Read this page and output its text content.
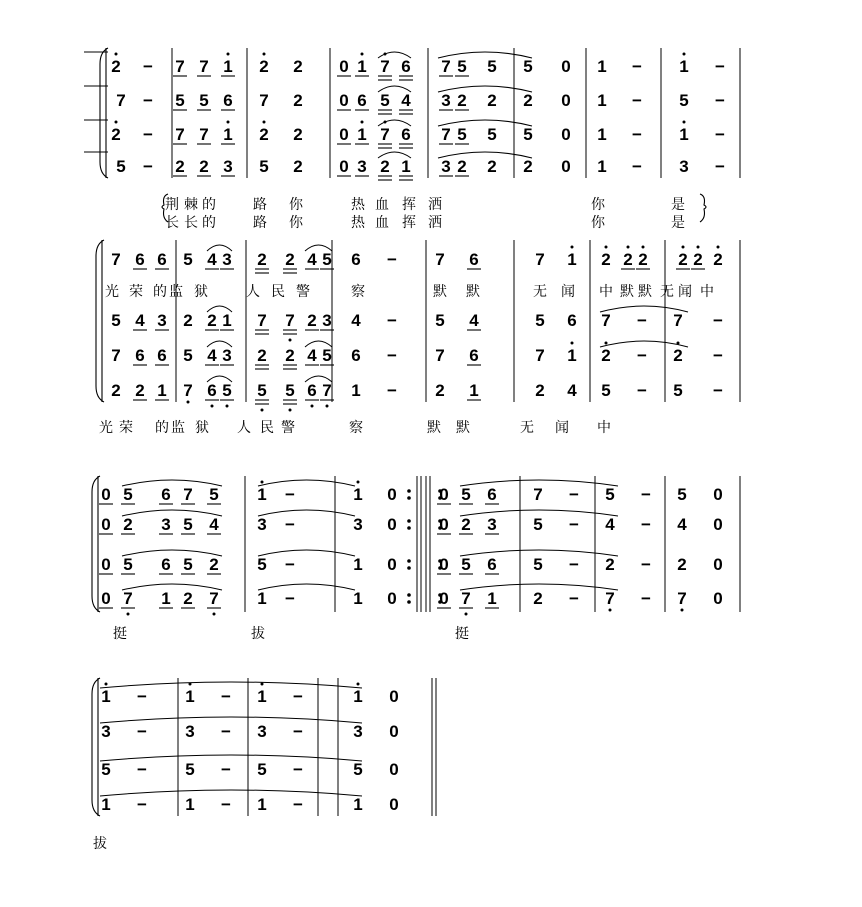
2 − 7 7 1 2 2 0 1 7 6 7 5 5 5 0 1 − 1 −
7 − 5 5 6 7 2 0 6 5 4 3 2 2 2 0 1 − 5 −
2 − 7 7 1 2 2 0 1 7 6 7 5 5 5 0 1 − 1 −
5 − 2 2 3 5 2 0 3 2 1 3 2 2 2 0 1 − 3 −
7 6 6 5 4 3 2 2 4 5 6 − 7 6	7 1 2 2 2 2 2 2
5 4 3 2 2 1 7 7 2 3 4 − 5 4	5 6 7 − 7 −
7 6 6 5 4 3 2 2 4 5 6 − 7 6	7 1 2 − 2 −
2 2 1 7 6 5 5 5 6 7 1 − 2 1	2 4 5 − 5 −
0 5 6 7 5 1 −	1 0	0 5 6 7 − 5 − 5 0
0 2 3 5 4 3 −	3 0	0 2 3 5 − 4 − 4 0
0 5 6 5 2 5 −	1 0	0 5 6 5 − 2 − 2 0
0 7 1 2 7 1 −	1 0	0 7 1 2 − 7 − 7 0
1 − 1 − 1 −	1 0
3 − 3 − 3 −	3 0
5 − 5 − 5 −	5 0
1 − 1 − 1 −	1 0
荆 棘 的	路 你	热 血 挥 洒	你	是
长 长 的	路 你	热 血 挥 洒	你	是
光 荣 的 监 狱	人 民 警	察	默 默	无 闻 中 默 默 无 闻 中
光 荣 的 监 狱 人 民 警	察	默 默	无 闻 中
挺	拔	挺
拔
